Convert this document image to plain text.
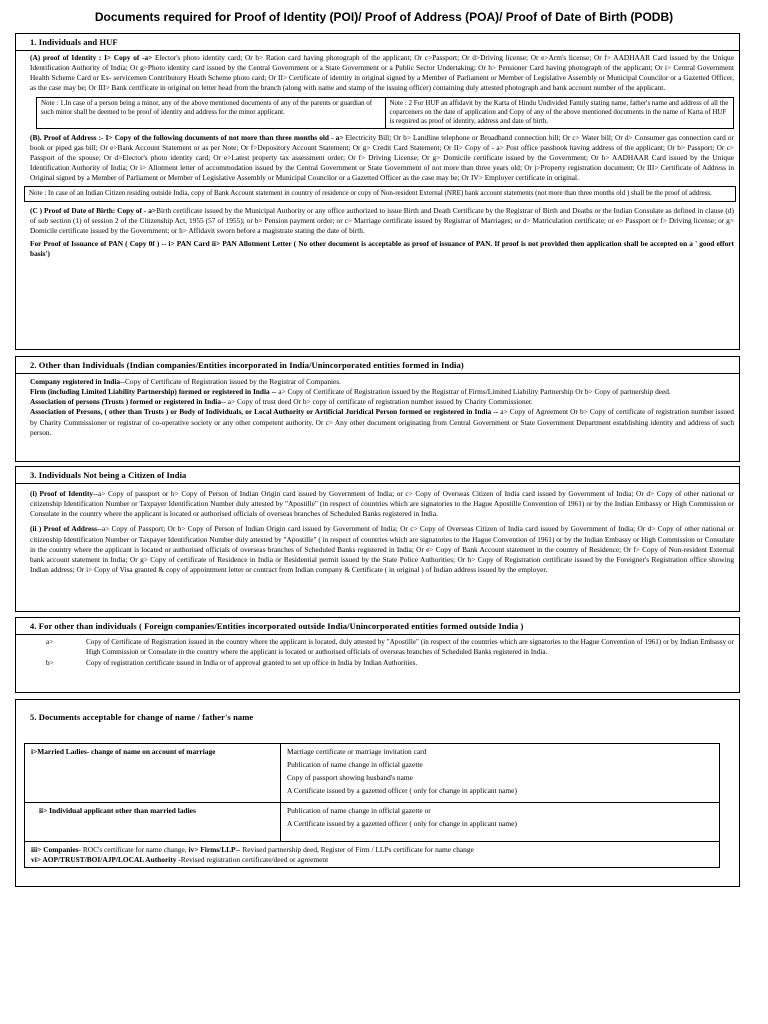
Documents required for Proof of Identity (POI)/ Proof of Address (POA)/ Proof of Date of Birth (PODB)
1. Individuals and HUF

(A) proof of Identity : I> Copy of -a> Elector's photo identity card; Or b> Ration card having photograph of the applicant; Or c>Passport; Or d>Driving license; Or e>Arm's license; Or f> AADHAAR Card issued by the Unique Identification Authority of India; Or g>Photo identity card issued by the Central Government or a State Government or a Public Sector Undertaking; Or h> Pensioner Card having photograph of the applicant; Or i> Central Government Health Scheme Card or Ex- servicemen Contributory Heath Scheme photo card; Or II> Certificate of identity in original signed by a Member of Parliament or Member of Legislative Assembly or Municipal Councilor or a Gazetted Officer, as the case may be; Or III> Bank certificate in original on letter head from the branch (along with name and stamp of the issuing officer) containing duly attested photograph and bank account number of the applicant.

Note : 1.In case of a person being a minor, any of the above mentioned documents of any of the parents or guardian of such minor shall be deemed to be proof of identity and address for the minor applicant.	Note : 2 For HUF an affidavit by the Karta of Hindu Undivided Family stating name, father's name and address of all the coparceners on the date of application and Copy of any of the above mentioned documents in the name of Karta of HUF is required as proof of identity, address and date of birth.

(B). Proof of Address :- I> Copy of the following documents of not more than three months old - a> Electricity Bill; Or b> Landline telephone or Broadband connection bill; Or c> Water bill; Or d> Consumer gas connection card or book or piped gas bill; Or e>Bank Account Statement or as per Note; Or f>Depository Account Statement; Or g> Credit Card Statement; Or II> Copy of - a> Post office passbook having address of the applicant; Or b> Passport; Or c> Passport of the spouse; Or d>Elector's photo identity card; Or e>Latest property tax assessment order; Or f> Driving License; Or g> Domicile certificate issued by the Government; Or h> AADHAAR Card issued by the Unique Identification Authority of India; Or i> Allotment letter of accommodation issued by the Central Government or State Government of not more than three years old; Or j>Property registration document; Or III> Certificate of Address in Original signed by a Member of Parliament or Member of Legislative Assembly or Municipal Councilor or a Gazetted Officer as the case may be; Or IV> Employer certificate in original.

Note : In case of an Indian Citizen residing outside India, copy of Bank Account statement in country of residence or copy of Non-resident External (NRE) bank account statements (not more than three months old ) shall be the proof of address.

(C ) Proof of Date of Birth: Copy of - a>Birth certificate issued by the Municipal Authority or any office authorized to issue Birth and Death Certificate by the Registrar of Birth and Deaths or the Indian Consulate as defined in clause (d) of sub section (1) of session 2 of the Citizenship Act, 1955 (57 of 1955); or b> Pension payment order; or c> Marriage certificate issued by Registrar of Marriages; or d> Matriculation certificate; or e> Passport or f> Driving license; or g> Domicile certificate issued by the Government; or h> Affidavit sworn before a magistrate stating the date of birth.

For Proof of Issuance of PAN ( Copy 0f ) -- i> PAN Card ii> PAN Allotment Letter ( No other document is acceptable as proof of issuance of PAN. If proof is not provided then application shall be accepted on a ' good effort basis')

2. Other than Individuals (Indian companies/Entities incorporated in India/Unincorporated entities formed in India)

Company registered in India--Copy of Certificate of Registration issued by the Registrar of Companies.

Firm (including Limited Liability Partnership) formed or registered in India -- a> Copy of Certificate of Registration issued by the Registrar of Firms/Limited Liability Partnership Or b> Copy of partnership deed.

Association of persons (Trusts ) formed or registered in India-- a> Copy of trust deed Or b> copy of certificate of registration number issued by Charity Commissioner.

Association of Persons, ( other than Trusts ) or Body of Individuals, or Local Authority or Artificial Juridical Person formed or registered in India -- a> Copy of Agreement Or b> Copy of certificate of registration number issued by Charity Commissioner or registrar of co-operative society or any other competent authority. Or c> Any other document originating from Central Government or State Government Department establishing identity and address of such person.

3. Individuals Not being a Citizen of India

(i) Proof of Identity--a> Copy of passport or b> Copy of Person of Indian Origin card issued by Government of India; or c> Copy of Overseas Citizen of India card issued by Government of India; Or d> Copy of other national or citizenship Identification Number or Taxpayer Identification Number duly attested by "Apostille" (in respect of countries which are signatories to the Hague Apostille Convention of 1961) or by the Indian Embassy or High Commission or Consulate in the country where the applicant is located or authorised officials of overseas branches of Scheduled Banks registered in India.

(ii ) Proof of Address--a> Copy of Passport; Or b> Copy of Person of Indian Origin card issued by Government of India; Or c> Copy of Overseas Citizen of India card issued by Government of India; Or d> Copy of other national or citizenship Identification Number or Taxpayer Identification Number duly attested by "Apostille" ( in respect of countries which are signatories to the Hague Convention of 1961) or by the Indian Embassy or High Commission or Consulate in the country where the applicant is located or authorised officials of overseas branches of Scheduled Banks registered in India; Or e> Copy of Bank Account statement in the country of Residence; Or f> Copy of Non-resident External bank account statement in India; Or g> Copy of certificate of Residence in India or Residential permit issued by the State Police Authorities; Or h> Copy of Registration certificate issued by the Foreigner's Registration office showing Indian address; Or i> Copy of Visa granted & copy of appointment letter or contract from Indian company & Certificate ( in original ) of Indian address issued by the employer.

4. For other than individuals ( Foreign companies/Entities incorporated outside India/Unincorporated entities formed outside India )
a>	Copy of Certificate of Registration issued in the country where the applicant is located, duly attested by "Apostille" (in respect of the countries which are signatories to the Hague Convention of 1961) or by Indian Embassy or High Commission or Consulate in the country where the applicant is located or authorised officials of overseas branches of Scheduled Banks registered in India.
b>	Copy of registration certificate issued in India or of approval granted to set up office in India by Indian Authorities.
5. Documents acceptable for change of name / father's name
i>Married Ladies- change of name on account of marriage	Marriage certificate or marriage invitation card
Publication of name change in official gazette
Copy of passport showing husband's name
A Certificate issued by a gazetted officer ( only for change in applicant name)

ii> Individual applicant other than married ladies	Publication of name change in official gazette or
A Certificate issued by a gazetted officer ( only for change in applicant name)
iii> Companies- ROC's certificate for name change, iv> Firms/LLP-- Revised partnership deed, Register of Firm / LLPs certificate for name change
vi> AOP/TRUST/BOI/AJP/LOCAL Authority -Revised registration certificate/deed or agreement
